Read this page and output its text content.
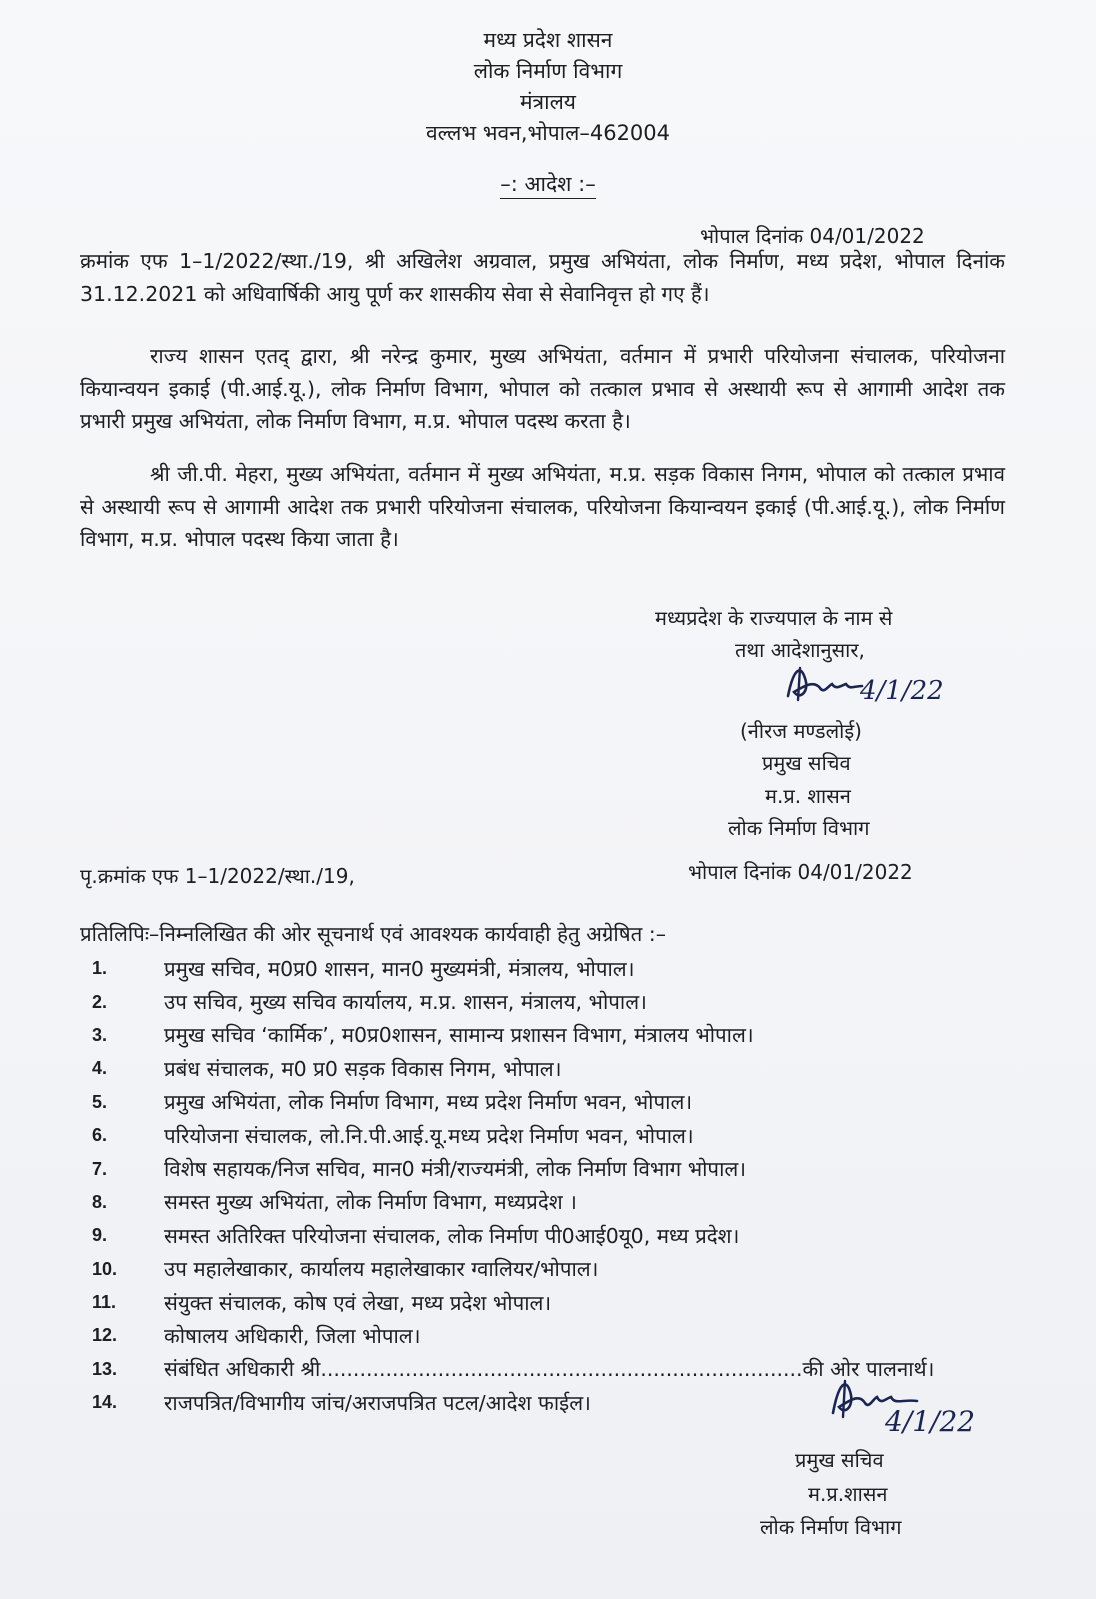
मध्य प्रदेश शासन
लोक निर्माण विभाग
मंत्रालय
वल्लभ भवन,भोपाल–462004
–: आदेश :–
भोपाल दिनांक 04/01/2022
क्रमांक एफ 1–1/2022/स्था./19, श्री अखिलेश अग्रवाल, प्रमुख अभियंता, लोक निर्माण, मध्य प्रदेश, भोपाल दिनांक 31.12.2021 को अधिवार्षिकी आयु पूर्ण कर शासकीय सेवा से सेवानिवृत्त हो गए हैं।
राज्य शासन एतद् द्वारा, श्री नरेन्द्र कुमार, मुख्य अभियंता, वर्तमान में प्रभारी परियोजना संचालक, परियोजना कियान्वयन इकाई (पी.आई.यू.), लोक निर्माण विभाग, भोपाल को तत्काल प्रभाव से अस्थायी रूप से आगामी आदेश तक प्रभारी प्रमुख अभियंता, लोक निर्माण विभाग, म.प्र. भोपाल पदस्थ करता है।
श्री जी.पी. मेहरा, मुख्य अभियंता, वर्तमान में मुख्य अभियंता, म.प्र. सड़क विकास निगम, भोपाल को तत्काल प्रभाव से अस्थायी रूप से आगामी आदेश तक प्रभारी परियोजना संचालक, परियोजना कियान्वयन इकाई (पी.आई.यू.), लोक निर्माण विभाग, म.प्र. भोपाल पदस्थ किया जाता है।
मध्यप्रदेश के राज्यपाल के नाम से
तथा आदेशानुसार,
4/1/22
(नीरज मण्डलोई)
प्रमुख सचिव
म.प्र. शासन
लोक निर्माण विभाग
पृ.क्रमांक एफ 1–1/2022/स्था./19,	भोपाल दिनांक 04/01/2022
प्रतिलिपिः–निम्नलिखित की ओर सूचनार्थ एवं आवश्यक कार्यवाही हेतु अग्रेषित :–
1.	प्रमुख सचिव, म0प्र0 शासन, मान0 मुख्यमंत्री, मंत्रालय, भोपाल।
2.	उप सचिव, मुख्य सचिव कार्यालय, म.प्र. शासन, मंत्रालय, भोपाल।
3.	प्रमुख सचिव ‘कार्मिक’, म0प्र0शासन, सामान्य प्रशासन विभाग, मंत्रालय भोपाल।
4.	प्रबंध संचालक, म0 प्र0 सड़क विकास निगम, भोपाल।
5.	प्रमुख अभियंता, लोक निर्माण विभाग, मध्य प्रदेश निर्माण भवन, भोपाल।
6.	परियोजना संचालक, लो.नि.पी.आई.यू.मध्य प्रदेश निर्माण भवन, भोपाल।
7.	विशेष सहायक/निज सचिव, मान0 मंत्री/राज्यमंत्री, लोक निर्माण विभाग भोपाल।
8.	समस्त मुख्य अभियंता, लोक निर्माण विभाग, मध्यप्रदेश ।
9.	समस्त अतिरिक्त परियोजना संचालक, लोक निर्माण पी0आई0यू0, मध्य प्रदेश।
10.	उप महालेखाकार, कार्यालय महालेखाकार ग्वालियर/भोपाल।
11.	संयुक्त संचालक, कोष एवं लेखा, मध्य प्रदेश भोपाल।
12.	कोषालय अधिकारी, जिला भोपाल।
13.	संबंधित अधिकारी श्री..........................................................................की ओर पालनार्थ।
14.	राजपत्रित/विभागीय जांच/अराजपत्रित पटल/आदेश फाईल।
4/1/22
प्रमुख सचिव
म.प्र.शासन
लोक निर्माण विभाग
